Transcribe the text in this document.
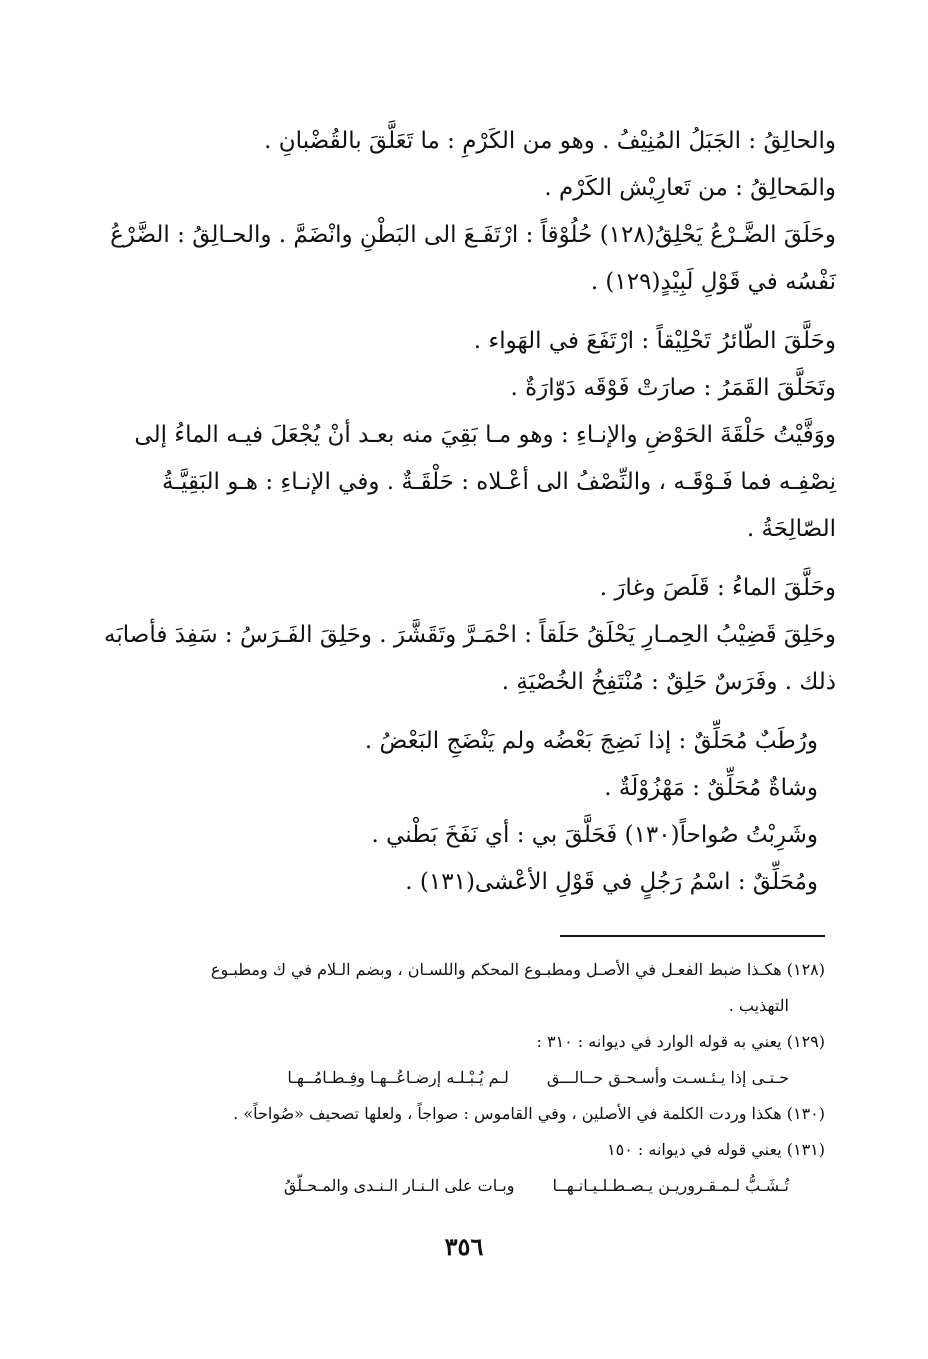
والحالِقُ : الجَبَلُ المُنِيْفُ . وهو من الكَرْمِ : ما تَعَلَّقَ بالقُضْبانِ .

والمَحالِقُ : من تَعارِيْش الكَرْم .

وحَلَقَ الضَّـرْعُ يَحْلِقُ(١٢٨) حُلُوْقاً : ارْتَفَـعَ الى البَطْنِ وانْضَمَّ . والحـالِقُ : الضَّرْعُ نَفْسُه في قَوْلِ لَبِيْدٍ(١٢٩) .

وحَلَّقَ الطّائرُ تَحْلِيْقاً : ارْتَفَعَ في الهَواء .

وتَحَلَّقَ القَمَرُ : صارَتْ فَوْقَه دَوّارَةٌ .

ووَفَّيْتُ حَلْقَةَ الحَوْضِ والإنـاءِ : وهو مـا بَقِيَ منه بعـد أنْ يُجْعَلَ فيـه الماءُ إلى نِصْفِـه فما فَـوْقَـه ، والنِّصْفُ الى أعْـلاه : حَلْقَـةٌ . وفي الإنـاءِ : هـو البَقِيَّـةُ الصّالِحَةُ .

وحَلَّقَ الماءُ : قَلَصَ وغارَ .

وحَلِقَ قَضِيْبُ الحِمـارِ يَحْلَقُ حَلَقاً : احْمَـرَّ وتَقَشَّرَ . وحَلِقَ الفَـرَسُ : سَفِدَ فأصابَه ذلك . وفَرَسٌ حَلِقٌ : مُنْتَفِخُ الخُصْيَةِ .

ورُطَبٌ مُحَلِّقٌ : إذا نَضِجَ بَعْضُه ولم يَنْضَجِ البَعْضُ .

وشاةٌ مُحَلِّقٌ : مَهْزُوْلَةٌ .

وشَرِبْتُ صُواحاً(١٣٠) فَحَلَّقَ بي : أي نَفَخَ بَطْني .

ومُحَلِّقٌ : اسْمُ رَجُلٍ في قَوْلِ الأعْشى(١٣١) .

(١٢٨) هكـذا ضبط الفعـل في الأصـل ومطبـوع المحكم واللسـان ، وبضم الـلام في ك ومطبـوع
التهذيب .

(١٢٩) يعني به قوله الوارد في ديوانه : ٣١٠ :

حـتـى إذا يـئـسـت وأسـحـق حــالـــق
لـم يُـبْـلـه إرضـاعُــهـا وفِـطـامُــهـا

(١٣٠) هكذا وردت الكلمة في الأصلين ، وفي القاموس : صواجاً ، ولعلها تصحيف «صُواحاً» .

(١٣١) يعني قوله في ديوانه : ١٥٠

تُـشَـبُّ لـمـقـروريـن يـصـطـلـيـانـهــا
وبـات على الـنـار الـنـدى والمـحـلّقُ

٣٥٦
